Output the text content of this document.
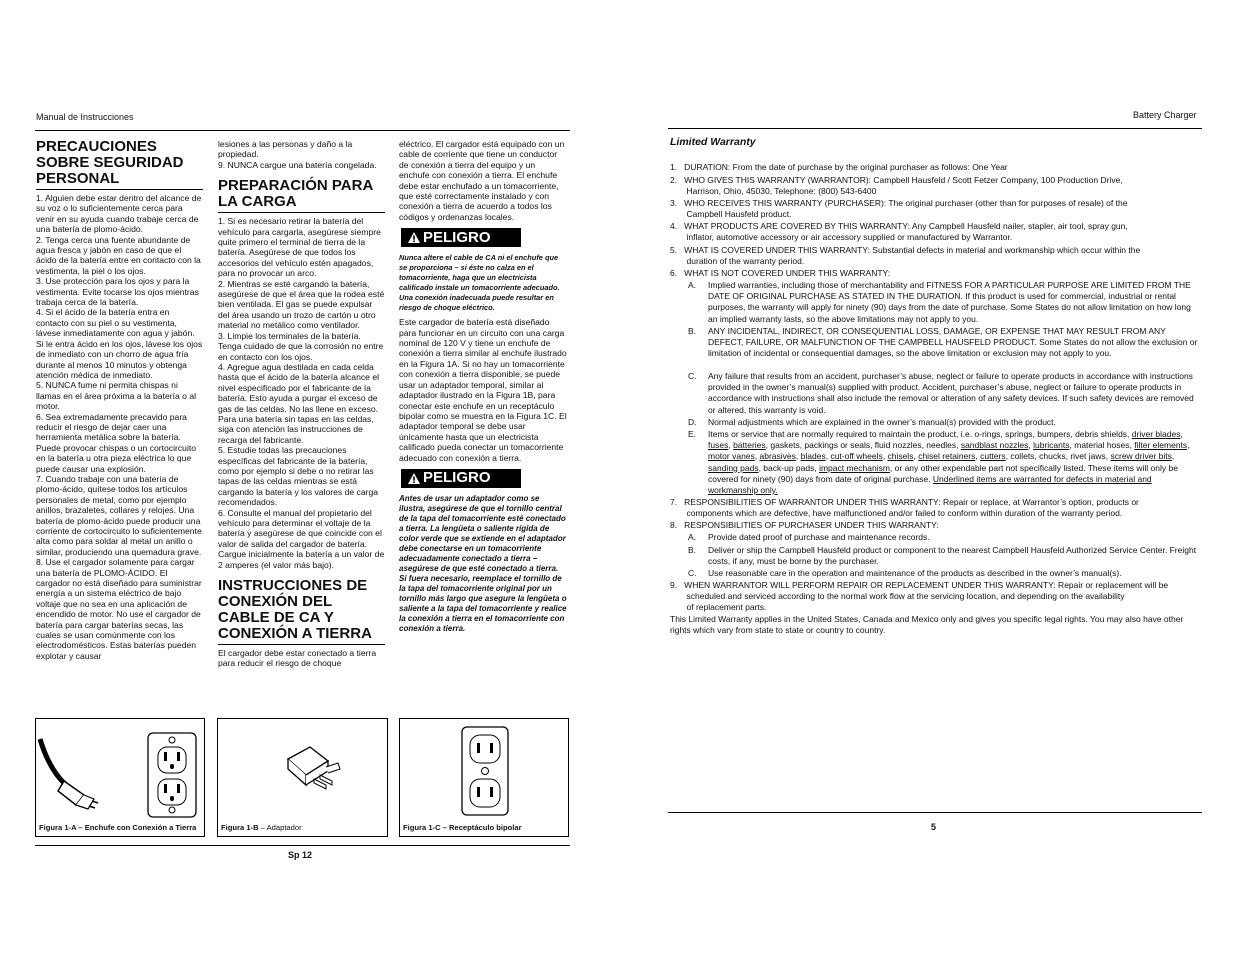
Manual de Instrucciones
PRECAUCIONES SOBRE SEGURIDAD PERSONAL

1. Alguien debe estar dentro del alcance de su voz o lo suficientemente cerca para venir en su ayuda cuando trabaje cerca de una batería de plomo-ácido.

2. Tenga cerca una fuente abundante de agua fresca y jabón en caso de que el ácido de la batería entre en contacto con la vestimenta, la piel o los ojos.

3. Use protección para los ojos y para la vestimenta. Evite tocarse los ojos mientras trabaja cerca de la batería.

4. Si el ácido de la batería entra en contacto con su piel o su vestimenta, lávese inmediatamente con agua y jabón. Si le entra ácido en los ojos, lávese los ojos de inmediato con un chorro de agua fría durante al menos 10 minutos y obtenga atención médica de inmediato.

5. NUNCA fume ni permita chispas ni llamas en el área próxima a la batería o al motor.

6. Sea extremadamente precavido para reducir el riesgo de dejar caer una herramienta metálica sobre la batería. Puede provocar chispas o un cortocircuito en la batería u otra pieza eléctrica lo que puede causar una explosión.

7. Cuando trabaje con una batería de plomo-ácido, quítese todos los artículos personales de metal, como por ejemplo anillos, brazaletes, collares y relojes. Una batería de plomo-ácido puede producir una corriente de cortocircuito lo suficientemente alta como para soldar al metal un anillo o similar, produciendo una quemadura grave.

8. Use el cargador solamente para cargar una batería de PLOMO-ÁCIDO. El cargador no está diseñado para suministrar energía a un sistema eléctrico de bajo voltaje que no sea en una aplicación de encendido de motor. No use el cargador de batería para cargar baterías secas, las cuales se usan comúnmente con los electrodomésticos. Estas baterías pueden explotar y causar

lesiones a las personas y daño a la propiedad.

9. NUNCA cargue una batería congelada.

PREPARACIÓN PARA LA CARGA

1. Si es necesario retirar la batería del vehículo para cargarla, asegúrese siempre quite primero el terminal de tierra de la batería. Asegúrese de que todos los accesorios del vehículo estén apagados, para no provocar un arco.

2. Mientras se esté cargando la batería, asegúrese de que el área que la rodea esté bien ventilada. El gas se puede expulsar del área usando un trozo de cartón u otro material no metálico como ventilador.

3. Limpie los terminales de la batería. Tenga cuidado de que la corrosión no entre en contacto con los ojos.

4. Agregue agua destilada en cada celda hasta que el ácido de la batería alcance el nivel especificado por el fabricante de la batería. Esto ayuda a purgar el exceso de gas de las celdas. No las llene en exceso. Para una batería sin tapas en las celdas, siga con atención las instrucciones de recarga del fabricante.

5. Estudie todas las precauciones específicas del fabricante de la batería, como por ejemplo si debe o no retirar las tapas de las celdas mientras se está cargando la batería y los valores de carga recomendados.

6. Consulte el manual del propietario del vehículo para determinar el voltaje de la batería y asegúrese de que coincide con el valor de salida del cargador de batería. Cargue inicialmente la batería a un valor de 2 amperes (el valor más bajo).

INSTRUCCIONES DE CONEXIÓN DEL CABLE DE CA Y CONEXIÓN A TIERRA

El cargador debe estar conectado a tierra para reducir el riesgo de choque

eléctrico. El cargador está equipado con un cable de corriente que tiene un conductor de conexión a tierra del equipo y un enchufe con conexión a tierra. El enchufe debe estar enchufado a un tomacorriente, que esté correctamente instalado y con conexión a tierra de acuerdo a todos los códigos y ordenanzas locales.

PELIGRO

Nunca altere el cable de CA ni el enchufe que se proporciona – si éste no calza en el tomacorriente, haga que un electricista calificado instale un tomacorriente adecuado. Una conexión inadecuada puede resultar en riesgo de choque eléctrico.

Este cargador de batería está diseñado para funcionar en un circuito con una carga nominal de 120 V y tiene un enchufe de conexión a tierra similar al enchufe ilustrado en la Figura 1A. Si no hay un tomacorriente con conexión a tierra disponible, se puede usar un adaptador temporal, similar al adaptador ilustrado en la Figura 1B, para conectar este enchufe en un receptáculo bipolar como se muestra en la Figura 1C. El adaptador temporal se debe usar únicamente hasta que un electricista calificado pueda conectar un tomacorriente adecuado con conexión a tierra.

PELIGRO

Antes de usar un adaptador como se ilustra, asegúrese de que el tornillo central de la tapa del tomacorriente esté conectado a tierra. La lengüeta o saliente rígida de color verde que se extiende en el adaptador debe conectarse en un tomacorriente adecuadamente conectado a tierra – asegúrese de que esté conectado a tierra. Si fuera necesario, reemplace el tornillo de la tapa del tomacorriente original por un tornillo más largo que asegure la lengüeta o saliente a la tapa del tomacorriente y realice la conexión a tierra en el tomacorriente con conexión a tierra.

Figura 1-A – Enchufe con Conexión a Tierra	Figura 1-B – Adaptador	Figura 1-C – Receptáculo bipolar
Sp 12
Battery Charger
Limited Warranty
1.   DURATION: From the date of purchase by the original purchaser as follows: One Year
2.   WHO GIVES THIS WARRANTY (WARRANTOR): Campbell Hausfeld / Scott Fetzer Company, 100 Production Drive,
Harrison, Ohio, 45030, Telephone: (800) 543-6400
3.   WHO RECEIVES THIS WARRANTY (PURCHASER): The original purchaser (other than for purposes of resale) of the
Campbell Hausfeld product.
4.   WHAT PRODUCTS ARE COVERED BY THIS WARRANTY: Any Campbell Hausfeld nailer, stapler, air tool, spray gun,
inflator, automotive accessory or air accessory supplied or manufactured by Warrantor.
5.   WHAT IS COVERED UNDER THIS WARRANTY: Substantial defects in material and workmanship which occur within the
duration of the warranty period.
6.   WHAT IS NOT COVERED UNDER THIS WARRANTY:
A. Implied warranties, including those of merchantability and FITNESS FOR A PARTICULAR PURPOSE ARE LIMITED FROM THE DATE OF ORIGINAL PURCHASE AS STATED IN THE DURATION. If this product is used for commercial, industrial or rental purposes, the warranty will apply for ninety (90) days from the date of purchase. Some States do not allow limitation on how long an implied warranty lasts, so the above limitations may not apply to you.
B. ANY INCIDENTAL, INDIRECT, OR CONSEQUENTIAL LOSS, DAMAGE, OR EXPENSE THAT MAY RESULT FROM ANY DEFECT, FAILURE, OR MALFUNCTION OF THE CAMPBELL HAUSFELD PRODUCT. Some States do not allow the exclusion or limitation of incidental or consequential damages, so the above limitation or exclusion may not apply to you.
C. Any failure that results from an accident, purchaser’s abuse, neglect or failure to operate products in accordance with instructions provided in the owner’s manual(s) supplied with product. Accident, purchaser’s abuse, neglect or failure to operate products in accordance with instructions shall also include the removal or alteration of any safety devices. If such safety devices are removed or altered, this warranty is void.
D. Normal adjustments which are explained in the owner’s manual(s) provided with the product.
E. Items or service that are normally required to maintain the product, i.e. o-rings, springs, bumpers, debris shields, driver blades, fuses, batteries, gaskets, packings or seals, fluid nozzles, needles, sandblast nozzles, lubricants, material hoses, filter elements, motor vanes, abrasives, blades, cut-off wheels, chisels, chisel retainers, cutters, collets, chucks, rivet jaws, screw driver bits, sanding pads, back-up pads, impact mechanism, or any other expendable part not specifically listed. These items will only be covered for ninety (90) days from date of original purchase. Underlined items are warranted for defects in material and workmanship only.
7.   RESPONSIBILITIES OF WARRANTOR UNDER THIS WARRANTY: Repair or replace, at Warrantor’s option, products or
components which are defective, have malfunctioned and/or failed to conform within duration of the warranty period.
8.   RESPONSIBILITIES OF PURCHASER UNDER THIS WARRANTY:
A. Provide dated proof of purchase and maintenance records.
B. Deliver or ship the Campbell Hausfeld product or component to the nearest Campbell Hausfeld Authorized Service Center. Freight costs, if any, must be borne by the purchaser.
C. Use reasonable care in the operation and maintenance of the products as described in the owner’s manual(s).
9.   WHEN WARRANTOR WILL PERFORM REPAIR OR REPLACEMENT UNDER THIS WARRANTY: Repair or replacement will be
scheduled and serviced according to the normal work flow at the servicing location, and depending on the availability
of replacement parts.
This Limited Warranty applies in the United States, Canada and Mexico only and gives you specific legal rights. You may also have other rights which vary from state to state or country to country.
5
